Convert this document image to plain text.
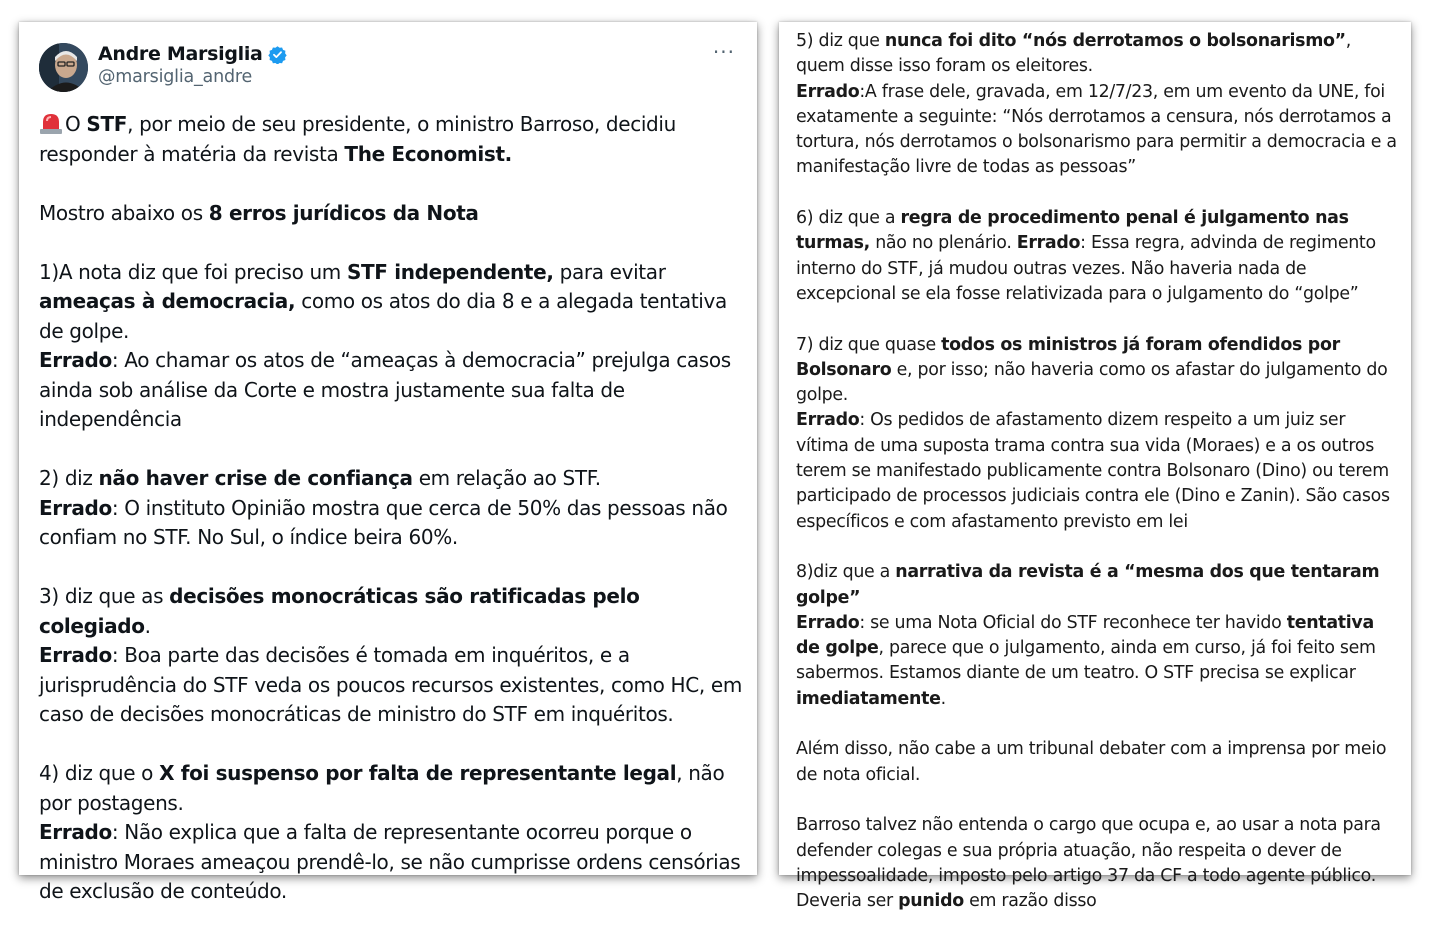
Andre Marsiglia
@marsiglia_andre
···

O STF, por meio de seu presidente, o ministro Barroso, decidiu responder à matéria da revista The Economist.

Mostro abaixo os 8 erros jurídicos da Nota

1)A nota diz que foi preciso um STF independente, para evitar ameaças à democracia, como os atos do dia 8 e a alegada tentativa de golpe.
Errado: Ao chamar os atos de “ameaças à democracia” prejulga casos ainda sob análise da Corte e mostra justamente sua falta de independência

2) diz não haver crise de confiança em relação ao STF.
Errado: O instituto Opinião mostra que cerca de 50% das pessoas não confiam no STF. No Sul, o índice beira 60%.

3) diz que as decisões monocráticas são ratificadas pelo colegiado.
Errado: Boa parte das decisões é tomada em inquéritos, e a jurisprudência do STF veda os poucos recursos existentes, como HC, em caso de decisões monocráticas de ministro do STF em inquéritos.

4) diz que o X foi suspenso por falta de representante legal, não por postagens.
Errado: Não explica que a falta de representante ocorreu porque o ministro Moraes ameaçou prendê-lo, se não cumprisse ordens censórias de exclusão de conteúdo.

5) diz que nunca foi dito “nós derrotamos o bolsonarismo”, quem disse isso foram os eleitores.
Errado:A frase dele, gravada, em 12/7/23, em um evento da UNE, foi exatamente a seguinte: “Nós derrotamos a censura, nós derrotamos a tortura, nós derrotamos o bolsonarismo para permitir a democracia e a manifestação livre de todas as pessoas”

6) diz que a regra de procedimento penal é julgamento nas turmas, não no plenário. Errado: Essa regra, advinda de regimento interno do STF, já mudou outras vezes. Não haveria nada de excepcional se ela fosse relativizada para o julgamento do “golpe”

7) diz que quase todos os ministros já foram ofendidos por Bolsonaro e, por isso; não haveria como os afastar do julgamento do golpe.
Errado: Os pedidos de afastamento dizem respeito a um juiz ser vítima de uma suposta trama contra sua vida (Moraes) e a os outros terem se manifestado publicamente contra Bolsonaro (Dino) ou terem participado de processos judiciais contra ele (Dino e Zanin). São casos específicos e com afastamento previsto em lei

8)diz que a narrativa da revista é a “mesma dos que tentaram golpe”
Errado: se uma Nota Oficial do STF reconhece ter havido tentativa de golpe, parece que o julgamento, ainda em curso, já foi feito sem sabermos. Estamos diante de um teatro. O STF precisa se explicar imediatamente.

Além disso, não cabe a um tribunal debater com a imprensa por meio de nota oficial.

Barroso talvez não entenda o cargo que ocupa e, ao usar a nota para defender colegas e sua própria atuação, não respeita o dever de impessoalidade, imposto pelo artigo 37 da CF a todo agente público. Deveria ser punido em razão disso
